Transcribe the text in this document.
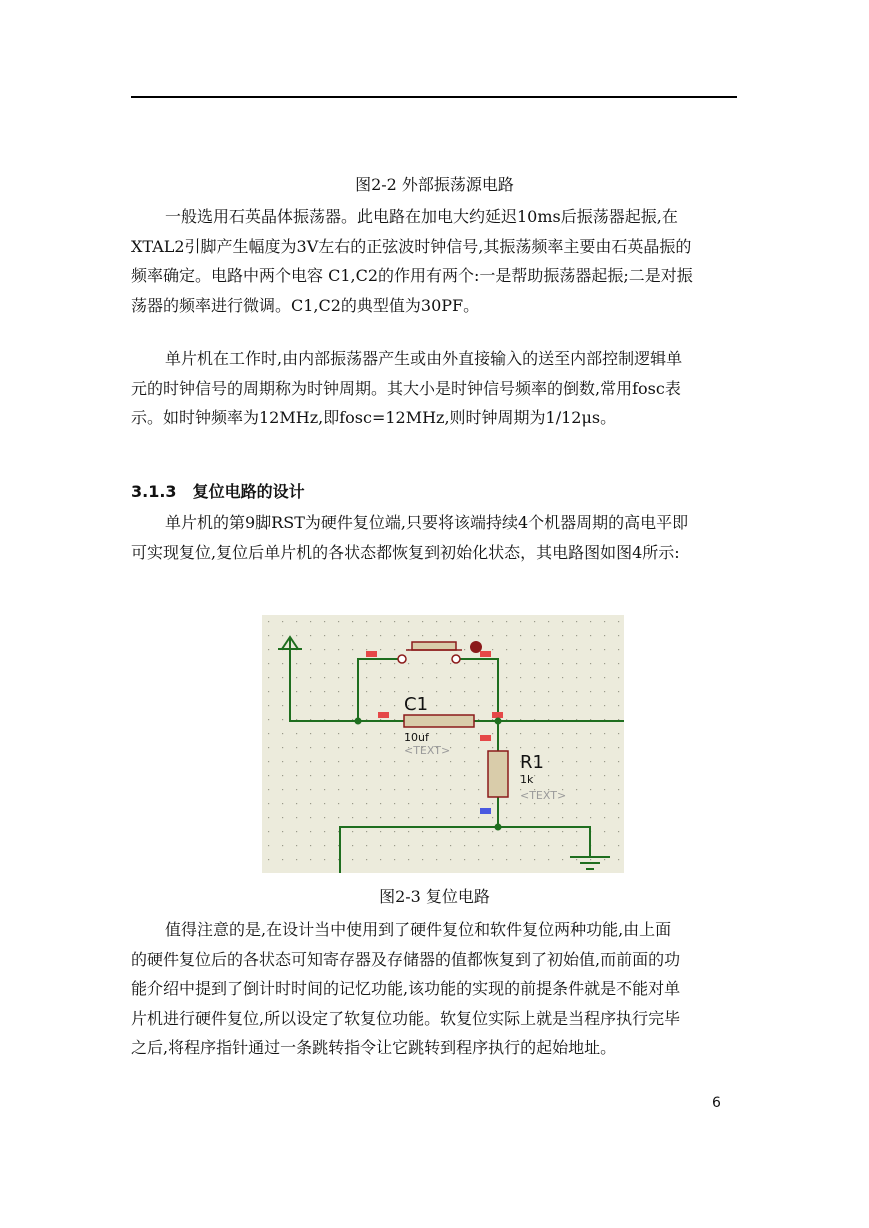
图2-2 外部振荡源电路

一般选用石英晶体振荡器。此电路在加电大约延迟10ms后振荡器起振,在
XTAL2引脚产生幅度为3V左右的正弦波时钟信号,其振荡频率主要由石英晶振的
频率确定。电路中两个电容 C1,C2的作用有两个:一是帮助振荡器起振;二是对振
荡器的频率进行微调。C1,C2的典型值为30PF。

单片机在工作时,由内部振荡器产生或由外直接输入的送至内部控制逻辑单
元的时钟信号的周期称为时钟周期。其大小是时钟信号频率的倒数,常用fosc表
示。如时钟频率为12MHz,即fosc=12MHz,则时钟周期为1/12μs。

3.1.3 复位电路的设计

单片机的第9脚RST为硬件复位端,只要将该端持续4个机器周期的高电平即
可实现复位,复位后单片机的各状态都恢复到初始化状态，其电路图如图4所示:

C1
10uf
<TEXT>
R1
1k
<TEXT>
图2-3 复位电路

值得注意的是,在设计当中使用到了硬件复位和软件复位两种功能,由上面
的硬件复位后的各状态可知寄存器及存储器的值都恢复到了初始值,而前面的功
能介绍中提到了倒计时时间的记忆功能,该功能的实现的前提条件就是不能对单
片机进行硬件复位,所以设定了软复位功能。软复位实际上就是当程序执行完毕
之后,将程序指针通过一条跳转指令让它跳转到程序执行的起始地址。

6
